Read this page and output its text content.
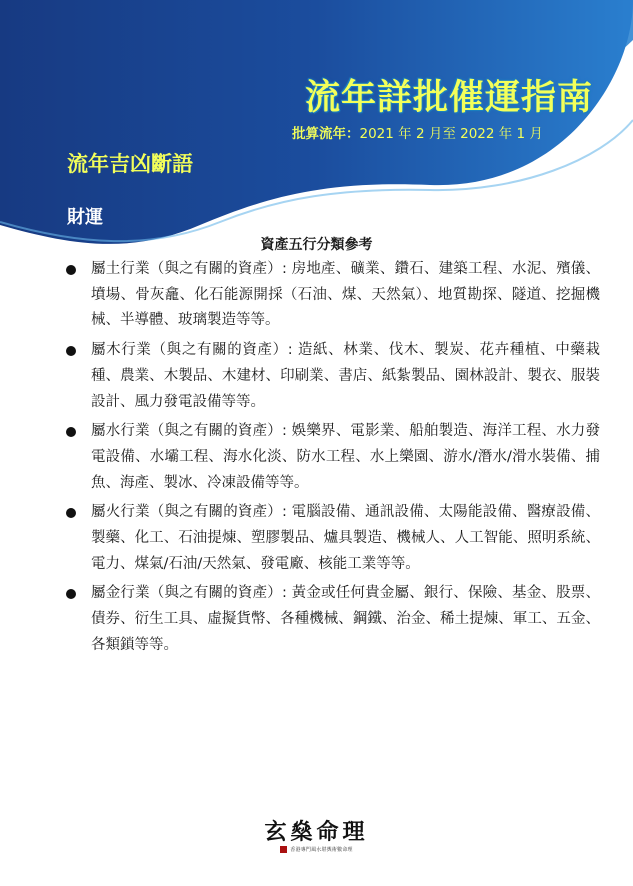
流年詳批催運指南
批算流年：2021 年 2 月至 2022 年 1 月
流年吉凶斷語
財運
資產五行分類參考
屬土行業（與之有關的資產）: 房地產、礦業、鑽石、建築工程、水泥、殯儀、墳場、骨灰龕、化石能源開採（石油、煤、天然氣）、地質勘探、隧道、挖掘機械、半導體、玻璃製造等等。
屬木行業（與之有關的資產）: 造紙、林業、伐木、製炭、花卉種植、中藥栽種、農業、木製品、木建材、印刷業、書店、紙紮製品、園林設計、製衣、服裝設計、風力發電設備等等。
屬水行業（與之有關的資產）: 娛樂界、電影業、船舶製造、海洋工程、水力發電設備、水壩工程、海水化淡、防水工程、水上樂園、游水/潛水/滑水裝備、捕魚、海產、製冰、冷凍設備等等。
屬火行業（與之有關的資產）: 電腦設備、通訊設備、太陽能設備、醫療設備、製藥、化工、石油提煉、塑膠製品、爐具製造、機械人、人工智能、照明系統、電力、煤氣/石油/天然氣、發電廠、核能工業等等。
屬金行業（與之有關的資產）: 黃金或任何貴金屬、銀行、保險、基金、股票、債券、衍生工具、虛擬貨幣、各種機械、鋼鐵、治金、稀土提煉、軍工、五金、各類鎖等等。
玄燊命理
香港專門風水堪輿術數命理
